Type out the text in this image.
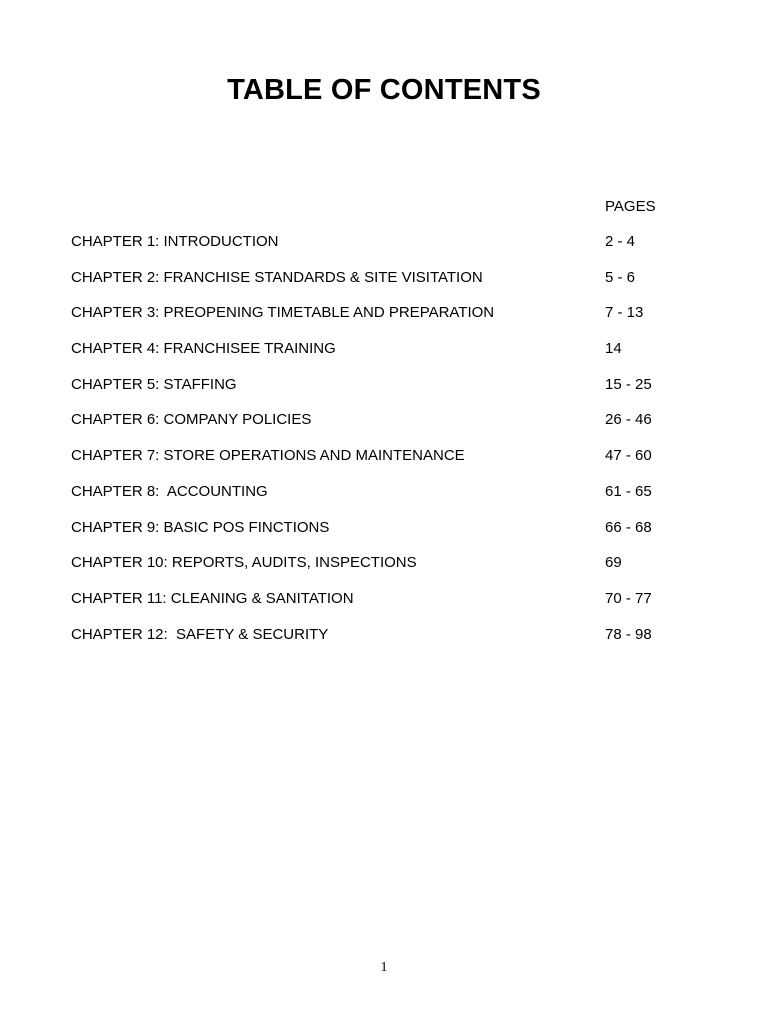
TABLE OF CONTENTS
PAGES
CHAPTER 1: INTRODUCTION	2 - 4
CHAPTER 2: FRANCHISE STANDARDS & SITE VISITATION	5 - 6
CHAPTER 3: PREOPENING TIMETABLE AND PREPARATION	7 - 13
CHAPTER 4: FRANCHISEE TRAINING	14
CHAPTER 5: STAFFING	15 - 25
CHAPTER 6: COMPANY POLICIES	26 - 46
CHAPTER 7: STORE OPERATIONS AND MAINTENANCE	47 - 60
CHAPTER 8:  ACCOUNTING	61 - 65
CHAPTER 9: BASIC POS FINCTIONS	66 - 68
CHAPTER 10: REPORTS, AUDITS, INSPECTIONS	69
CHAPTER 11: CLEANING & SANITATION	70 - 77
CHAPTER 12:  SAFETY & SECURITY	78 - 98
1
